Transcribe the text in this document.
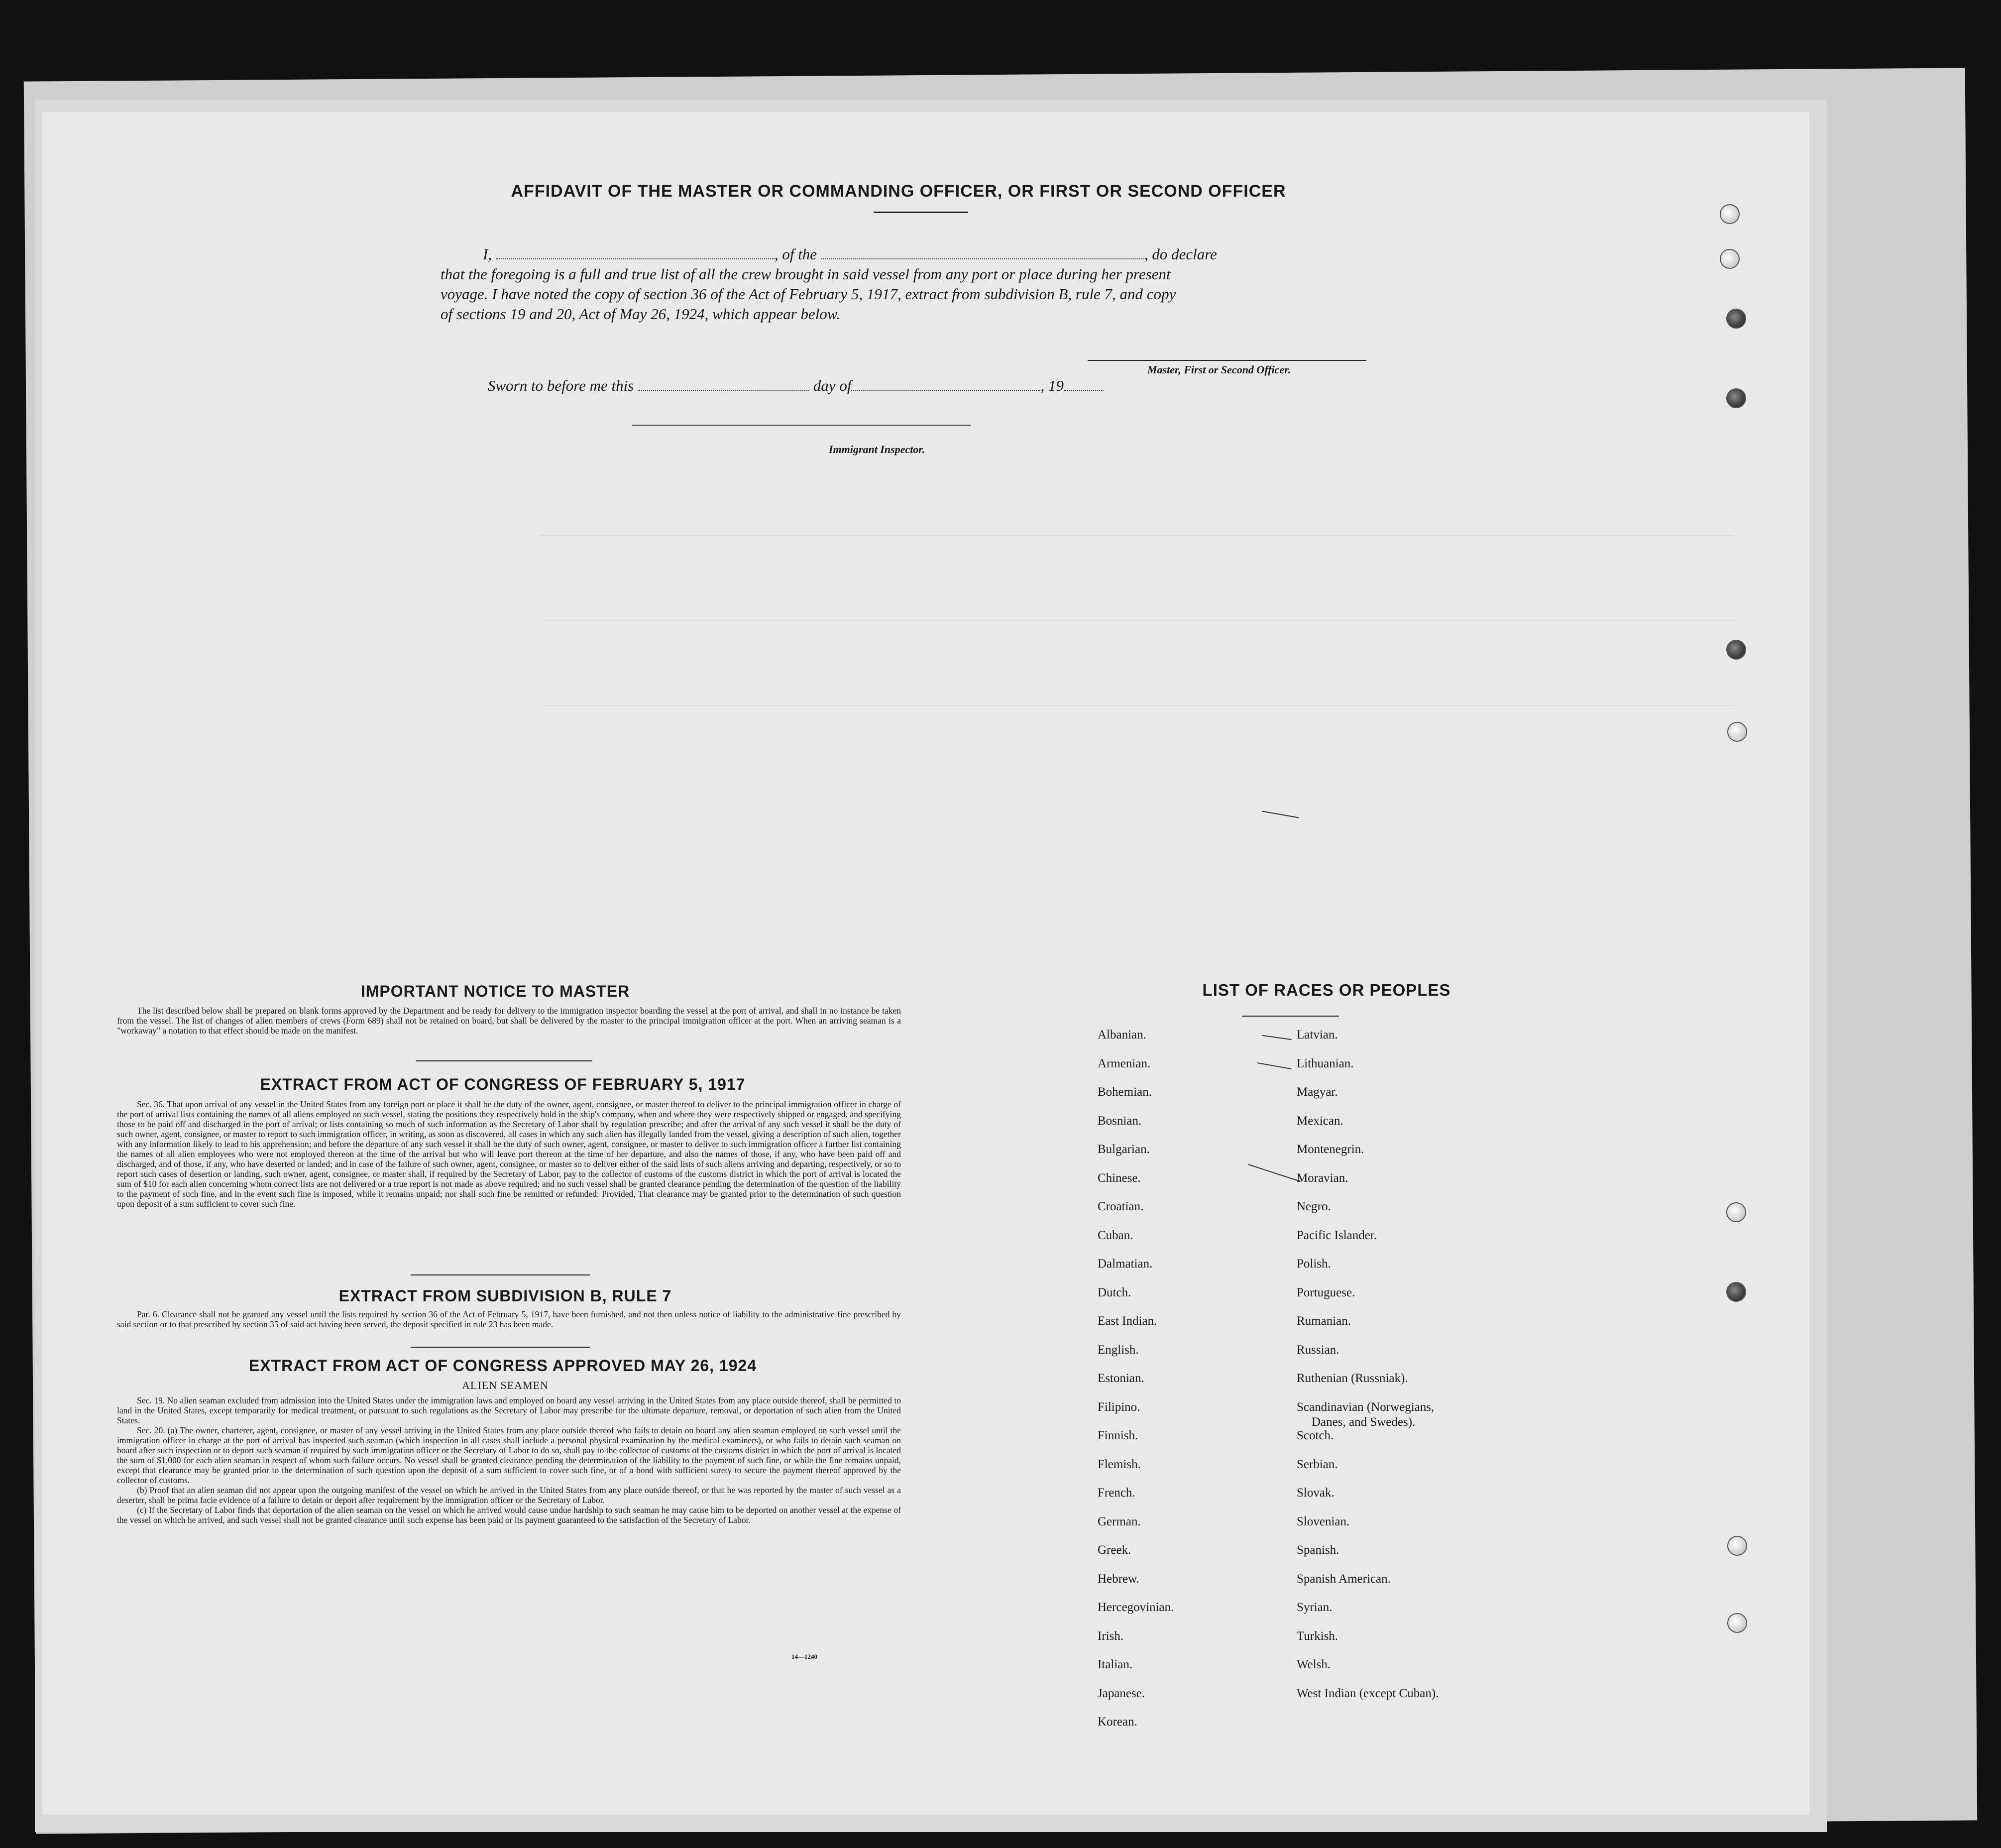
AFFIDAVIT OF THE MASTER OR COMMANDING OFFICER, OR FIRST OR SECOND OFFICER
I,	, of the	, do declare
that the foregoing is a full and true list of all the crew brought in said vessel from any port or place during her present
voyage. I have noted the copy of section 36 of the Act of February 5, 1917, extract from subdivision B, rule 7, and copy
of sections 19 and 20, Act of May 26, 1924, which appear below.
Master, First or Second Officer.
Sworn to before me this	day of	, 19
Immigrant Inspector.
IMPORTANT NOTICE TO MASTER

The list described below shall be prepared on blank forms approved by the Department and be ready for delivery to the immigration inspector boarding the vessel at the port of arrival, and shall in no instance be taken from the vessel. The list of changes of alien members of crews (Form 689) shall not be retained on board, but shall be delivered by the master to the principal immigration officer at the port. When an arriving seaman is a "workaway" a notation to that effect should be made on the manifest.

EXTRACT FROM ACT OF CONGRESS OF FEBRUARY 5, 1917

Sec. 36. That upon arrival of any vessel in the United States from any foreign port or place it shall be the duty of the owner, agent, consignee, or master thereof to deliver to the principal immigration officer in charge of the port of arrival lists containing the names of all aliens employed on such vessel, stating the positions they respectively hold in the ship's company, when and where they were respectively shipped or engaged, and specifying those to be paid off and discharged in the port of arrival; or lists containing so much of such information as the Secretary of Labor shall by regulation prescribe; and after the arrival of any such vessel it shall be the duty of such owner, agent, consignee, or master to report to such immigration officer, in writing, as soon as discovered, all cases in which any such alien has illegally landed from the vessel, giving a description of such alien, together with any information likely to lead to his apprehension; and before the departure of any such vessel it shall be the duty of such owner, agent, consignee, or master to deliver to such immigration officer a further list containing the names of all alien employees who were not employed thereon at the time of the arrival but who will leave port thereon at the time of her departure, and also the names of those, if any, who have been paid off and discharged, and of those, if any, who have deserted or landed; and in case of the failure of such owner, agent, consignee, or master so to deliver either of the said lists of such aliens arriving and departing, respectively, or so to report such cases of desertion or landing, such owner, agent, consignee, or master shall, if required by the Secretary of Labor, pay to the collector of customs of the customs district in which the port of arrival is located the sum of $10 for each alien concerning whom correct lists are not delivered or a true report is not made as above required; and no such vessel shall be granted clearance pending the determination of the question of the liability to the payment of such fine, and in the event such fine is imposed, while it remains unpaid; nor shall such fine be remitted or refunded: Provided, That clearance may be granted prior to the determination of such question upon deposit of a sum sufficient to cover such fine.

EXTRACT FROM SUBDIVISION B, RULE 7

Par. 6. Clearance shall not be granted any vessel until the lists required by section 36 of the Act of February 5, 1917, have been furnished, and not then unless notice of liability to the administrative fine prescribed by said section or to that prescribed by section 35 of said act having been served, the deposit specified in rule 23 has been made.

EXTRACT FROM ACT OF CONGRESS APPROVED MAY 26, 1924
ALIEN SEAMEN

Sec. 19. No alien seaman excluded from admission into the United States under the immigration laws and employed on board any vessel arriving in the United States from any place outside thereof, shall be permitted to land in the United States, except temporarily for medical treatment, or pursuant to such regulations as the Secretary of Labor may prescribe for the ultimate departure, removal, or deportation of such alien from the United States.

Sec. 20. (a) The owner, charterer, agent, consignee, or master of any vessel arriving in the United States from any place outside thereof who fails to detain on board any alien seaman employed on such vessel until the immigration officer in charge at the port of arrival has inspected such seaman (which inspection in all cases shall include a personal physical examination by the medical examiners), or who fails to detain such seaman on board after such inspection or to deport such seaman if required by such immigration officer or the Secretary of Labor to do so, shall pay to the collector of customs of the customs district in which the port of arrival is located the sum of $1,000 for each alien seaman in respect of whom such failure occurs. No vessel shall be granted clearance pending the determination of the liability to the payment of such fine, or while the fine remains unpaid, except that clearance may be granted prior to the determination of such question upon the deposit of a sum sufficient to cover such fine, or of a bond with sufficient surety to secure the payment thereof approved by the collector of customs.

(b) Proof that an alien seaman did not appear upon the outgoing manifest of the vessel on which he arrived in the United States from any place outside thereof, or that he was reported by the master of such vessel as a deserter, shall be prima facie evidence of a failure to detain or deport after requirement by the immigration officer or the Secretary of Labor.

(c) If the Secretary of Labor finds that deportation of the alien seaman on the vessel on which he arrived would cause undue hardship to such seaman he may cause him to be deported on another vessel at the expense of the vessel on which he arrived, and such vessel shall not be granted clearance until such expense has been paid or its payment guaranteed to the satisfaction of the Secretary of Labor.

14—1240
LIST OF RACES OR PEOPLES
Albanian.
Armenian.
Bohemian.
Bosnian.
Bulgarian.
Chinese.
Croatian.
Cuban.
Dalmatian.
Dutch.
East Indian.
English.
Estonian.
Filipino.
Finnish.
Flemish.
French.
German.
Greek.
Hebrew.
Hercegovinian.
Irish.
Italian.
Japanese.
Korean.
Latvian.
Lithuanian.
Magyar.
Mexican.
Montenegrin.
Moravian.
Negro.
Pacific Islander.
Polish.
Portuguese.
Rumanian.
Russian.
Ruthenian (Russniak).
Scandinavian (Norwegians,
Danes, and Swedes).
Scotch.
Serbian.
Slovak.
Slovenian.
Spanish.
Spanish American.
Syrian.
Turkish.
Welsh.
West Indian (except Cuban).
